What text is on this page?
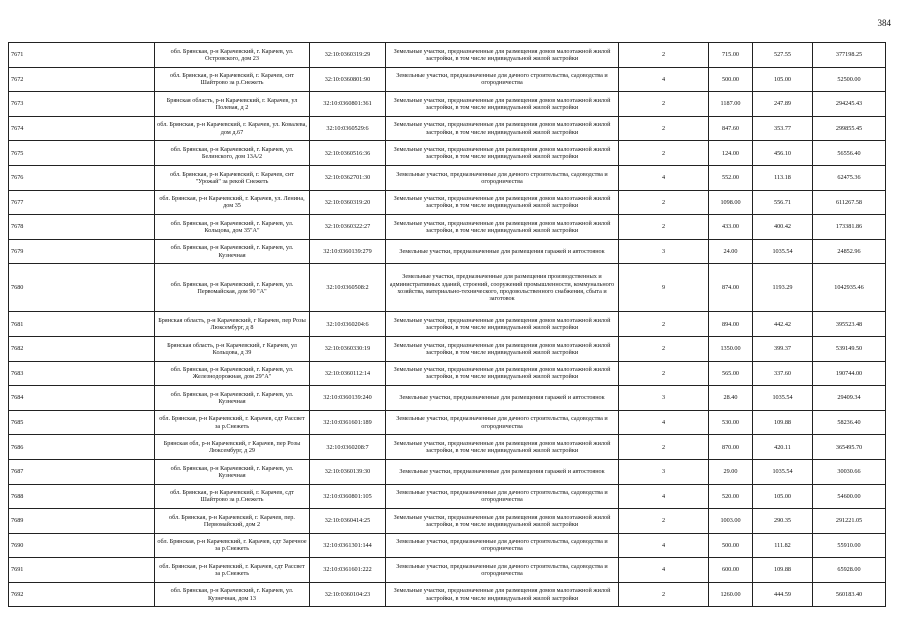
384
7671	обл. Брянская, р-н Карачевский, г. Карачев, ул. Островского, дом 23	32:10:0360319:29	Земельные участки, предназначенные для размещения домов малоэтажной жилой застройки, в том числе индивидуальной жилой застройки	2	715.00	527.55	377198.25
7672	обл. Брянская, р-н Карачевский, г. Карачев, снт Шайтрово за р.Снежеть	32:10:0360801:90	Земельные участки, предназначенные для дачного строительства, садоводства и огородничества	4	500.00	105.00	52500.00
7673	Брянская область, р-н Карачевский, г. Карачев, ул Полевая, д 2	32:10:0360801:361	Земельные участки, предназначенные для размещения домов малоэтажной жилой застройки, в том числе индивидуальной жилой застройки	2	1187.00	247.89	294245.43
7674	обл. Брянская, р-н Карачевский, г. Карачев, ул. Ковалева, дом д.67	32:10:0360529:6	Земельные участки, предназначенные для размещения домов малоэтажной жилой застройки, в том числе индивидуальной жилой застройки	2	847.60	353.77	299855.45
7675	обл. Брянская, р-н Карачевский, г. Карачев, ул. Белинского, дом 13А/2	32:10:0360516:36	Земельные участки, предназначенные для размещения домов малоэтажной жилой застройки, в том числе индивидуальной жилой застройки	2	124.00	456.10	56556.40
7676	обл. Брянская, р-н Карачевский, г. Карачев, снт "Урожай" за рекой Снежеть	32:10:0362701:30	Земельные участки, предназначенные для дачного строительства, садоводства и огородничества	4	552.00	113.18	62475.36
7677	обл. Брянская, р-н Карачевский, г. Карачев, ул. Ленина, дом 35	32:10:0360319:20	Земельные участки, предназначенные для размещения домов малоэтажной жилой застройки, в том числе индивидуальной жилой застройки	2	1098.00	556.71	611267.58
7678	обл. Брянская, р-н Карачевский, г. Карачев, ул. Кольцова, дом 35"А"	32:10:0360322:27	Земельные участки, предназначенные для размещения домов малоэтажной жилой застройки, в том числе индивидуальной жилой застройки	2	433.00	400.42	173381.86
7679	обл. Брянская, р-н Карачевский, г. Карачев, ул. Кузнечная	32:10:0360139:279	Земельные участки, предназначенные для размещения гаражей и автостоянок	3	24.00	1035.54	24852.96
7680	обл. Брянская, р-н Карачевский, г. Карачев, ул. Первомайская, дом 90 "А"	32:10:0360508:2	Земельные участки, предназначенные для размещения производственных и административных зданий, строений, сооружений промышленности, коммунального хозяйства, материально-технического, продовольственного снабжения, сбыта и заготовок	9	874.00	1193.29	1042935.46
7681	Брянская область, р-н Карачевский, г Карачев, пер Розы Люксембург, д 8	32:10:0360204:6	Земельные участки, предназначенные для размещения домов малоэтажной жилой застройки, в том числе индивидуальной жилой застройки	2	894.00	442.42	395523.48
7682	Брянская область, р-н Карачевский, г Карачев, ул Кольцова, д 39	32:10:0360330:19	Земельные участки, предназначенные для размещения домов малоэтажной жилой застройки, в том числе индивидуальной жилой застройки	2	1350.00	399.37	539149.50
7683	обл. Брянская, р-н Карачевский, г. Карачев, ул. Железнодорожная, дом 29"А"	32:10:0360112:14	Земельные участки, предназначенные для размещения домов малоэтажной жилой застройки, в том числе индивидуальной жилой застройки	2	565.00	337.60	190744.00
7684	обл. Брянская, р-н Карачевский, г. Карачев, ул. Кузнечная	32:10:0360139:240	Земельные участки, предназначенные для размещения гаражей и автостоянок	3	28.40	1035.54	29409.34
7685	обл. Брянская, р-н Карачевский, г. Карачев, сдт Рассвет за р.Снежеть	32:10:0361601:189	Земельные участки, предназначенные для дачного строительства, садоводства и огородничества	4	530.00	109.88	58236.40
7686	Брянская обл, р-н Карачевский, г Карачев, пер Розы Люксембург, д 29	32:10:0360208:7	Земельные участки, предназначенные для размещения домов малоэтажной жилой застройки, в том числе индивидуальной жилой застройки	2	870.00	420.11	365495.70
7687	обл. Брянская, р-н Карачевский, г. Карачев, ул. Кузнечная	32:10:0360139:30	Земельные участки, предназначенные для размещения гаражей и автостоянок	3	29.00	1035.54	30030.66
7688	обл. Брянская, р-н Карачевский, г. Карачев, сдт Шайтрово за р.Снежеть	32:10:0360801:105	Земельные участки, предназначенные для дачного строительства, садоводства и огородничества	4	520.00	105.00	54600.00
7689	обл. Брянская, р-н Карачевский, г. Карачев, пер. Первомайский, дом 2	32:10:0360414:25	Земельные участки, предназначенные для размещения домов малоэтажной жилой застройки, в том числе индивидуальной жилой застройки	2	1003.00	290.35	291221.05
7690	обл. Брянская, р-н Карачевский, г. Карачев, сдт Заречное за р.Снежеть	32:10:0361301:144	Земельные участки, предназначенные для дачного строительства, садоводства и огородничества	4	500.00	111.82	55910.00
7691	обл. Брянская, р-н Карачевский, г. Карачев, сдт Рассвет за р.Снежеть	32:10:0361601:222	Земельные участки, предназначенные для дачного строительства, садоводства и огородничества	4	600.00	109.88	65928.00
7692	обл. Брянская, р-н Карачевский, г. Карачев, ул. Кузнечная, дом 13	32:10:0360104:23	Земельные участки, предназначенные для размещения домов малоэтажной жилой застройки, в том числе индивидуальной жилой застройки	2	1260.00	444.59	560183.40
